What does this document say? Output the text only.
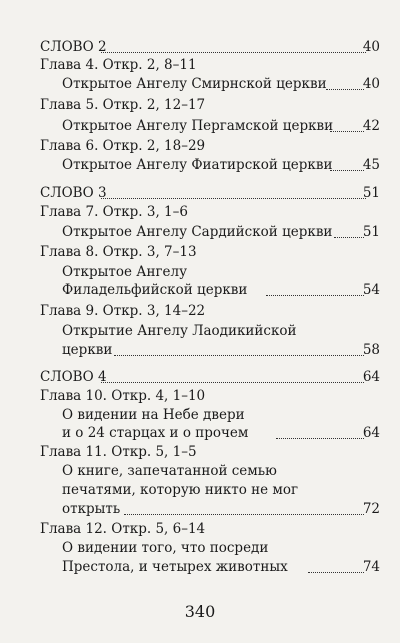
СЛОВО 2	40
Глава 4. Откр. 2, 8–11
Открытое Ангелу Смирнской церкви	40
Глава 5. Откр. 2, 12–17
Открытое Ангелу Пергамской церкви 42
Глава 6. Откр. 2, 18–29
Открытое Ангелу Фиатирской церкви 45
СЛОВО 3	51
Глава 7. Откр. 3, 1–6
Открытое Ангелу Сардийской церкви 51
Глава 8. Откр. 3, 7–13
Открытое Ангелу
Филадельфийской церкви	54
Глава 9. Откр. 3, 14–22
Открытие Ангелу Лаодикийской
церкви	58
СЛОВО 4	64
Глава 10. Откр. 4, 1–10
О видении на Небе двери
и о 24 старцах и о прочем	64
Глава 11. Откр. 5, 1–5
О книге, запечатанной семью
печатями, которую никто не мог
открыть	72
Глава 12. Откр. 5, 6–14
О видении того, что посреди
Престола, и четырех животных	74
340
